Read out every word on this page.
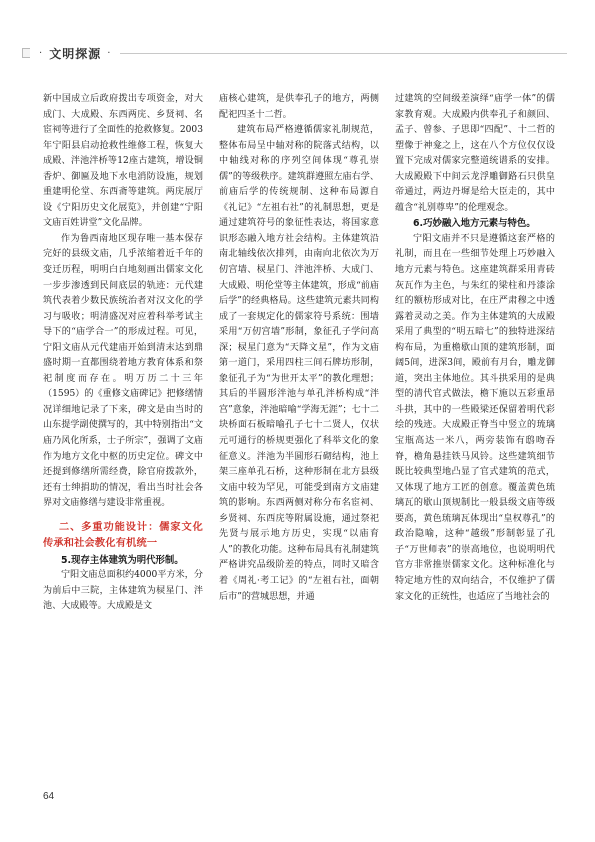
· 文明探源 ·

新中国成立后政府拨出专项资金，对大成门、大成殿、东西两庑、乡贤祠、名宦祠等进行了全面性的抢救修复。2003年宁阳县启动抢救性维修工程，恢复大成殿、泮池泮桥等12座古建筑，增设铜香炉、御匾及地下水电消防设施，规划重建明伦堂、东西斋等建筑。两庑展厅设《宁阳历史文化展览》，并创建“宁阳文庙百姓讲堂”文化品牌。

作为鲁西南地区现存唯一基本保存完好的县级文庙，几乎浓缩着近千年的变迁历程，明明白白地刻画出儒家文化一步步渗透到民间底层的轨迹：元代建筑代表着少数民族统治者对汉文化的学习与吸收；明清盛况对应着科举考试主导下的“庙学合一”的形成过程。可见，宁阳文庙从元代建庙开始到清末达到鼎盛时期一直都围绕着地方教育体系和祭祀制度而存在。明万历二十三年（1595）的《重修文庙碑记》把修缮情况详细地记录了下来，碑文是由当时的山东提学副使撰写的，其中特别指出“文庙乃风化所系，士子所宗”，强调了文庙作为地方文化中枢的历史定位。碑文中还提到修缮所需经费，除官府拨款外，还有士绅捐助的情况，看出当时社会各界对文庙修缮与建设非常重视。

二、多重功能设计：儒家文化传承和社会教化有机统一
5.现存主体建筑为明代形制。

宁阳文庙总面积约4000平方米，分为前后中三院，主体建筑为棂星门、泮池、大成殿等。大成殿是文

庙核心建筑，是供奉孔子的地方，两侧配祀四圣十二哲。

建筑布局严格遵循儒家礼制规范，整体布局呈中轴对称的院落式结构，以中轴线对称的序列空间体现“尊孔崇儒”的等级秩序。建筑群遵照左庙右学、前庙后学的传统规制、这种布局源自《礼记》“左祖右社”的礼制思想，更是通过建筑符号的象征性表达，将国家意识形态融入地方社会结构。主体建筑沿南北轴线依次排列，由南向北依次为万仞宫墙、棂星门、泮池泮桥、大成门、大成殿、明伦堂等主体建筑，形成“前庙后学”的经典格局。这些建筑元素共同构成了一套规定化的儒家符号系统：围墙采用“万仞宫墙”形制，象征孔子学问高深；棂星门意为“天降文星”，作为文庙第一道门，采用四柱三间石牌坊形制，象征孔子为“为世开太平”的教化理想；其后的半圆形泮池与单孔泮桥构成“泮宫”意象，泮池暗喻“学海无涯”；七十二块桥面石板暗喻孔子七十二贤人，仅状元可通行的桥规更强化了科举文化的象征意义。泮池为半圆形石砌结构，池上架三座单孔石桥，这种形制在北方县级文庙中较为罕见，可能受到南方文庙建筑的影响。东西两侧对称分布名宦祠、乡贤祠、东西庑等附属设施，通过祭祀先贤与展示地方历史，实现“以庙育人”的教化功能。这种布局具有礼制建筑严格讲究品级阶差的特点，同时又暗含着《周礼·考工记》的“左祖右社，面朝后市”的营城思想，并通

过建筑的空间级差演绎“庙学一体”的儒家教育观。大成殿内供奉孔子和颜回、孟子、曾参、子思即“四配”、十二哲的塑像于神龛之上，这在八个方位仅仅设置下完成对儒家完整道统谱系的安排。大成殿殿下中间云龙浮雕御路石只供皇帝通过，两边丹墀是给大臣走的，其中蕴含“礼别尊卑”的伦理观念。

6.巧妙融入地方元素与特色。

宁阳文庙并不只是遵循这套严格的礼制，而且在一些细节处理上巧妙融入地方元素与特色。这座建筑群采用青砖灰瓦作为主色，与朱红的梁柱和丹漆涂红的额枋形成对比，在庄严肃穆之中透露着灵动之美。作为主体建筑的大成殿采用了典型的“明五暗七”的独特进深结构布局，为重檐歇山顶的建筑形制，面阔5间，进深3间，殿前有月台，雕龙御道，突出主体地位。其斗拱采用的是典型的清代官式做法，檐下施以五彩重昂斗拱，其中的一些殿梁还保留着明代彩绘的残迹。大成殿正脊当中竖立的琉璃宝瓶高达一米八，两旁装饰有鸱吻吞脊，檐角悬挂铁马风铃。这些建筑细节既比较典型地凸显了官式建筑的范式，又体现了地方工匠的创意。覆盖黄色琉璃瓦的歇山顶规制比一般县级文庙等级要高，黄色琉璃瓦体现出“皇权尊孔”的政治隐喻，这种“越级”形制彰显了孔子“万世师表”的崇高地位，也说明明代官方非常推崇儒家文化。这种标准化与特定地方性的双向结合，不仅维护了儒家文化的正统性，也适应了当地社会的

64
